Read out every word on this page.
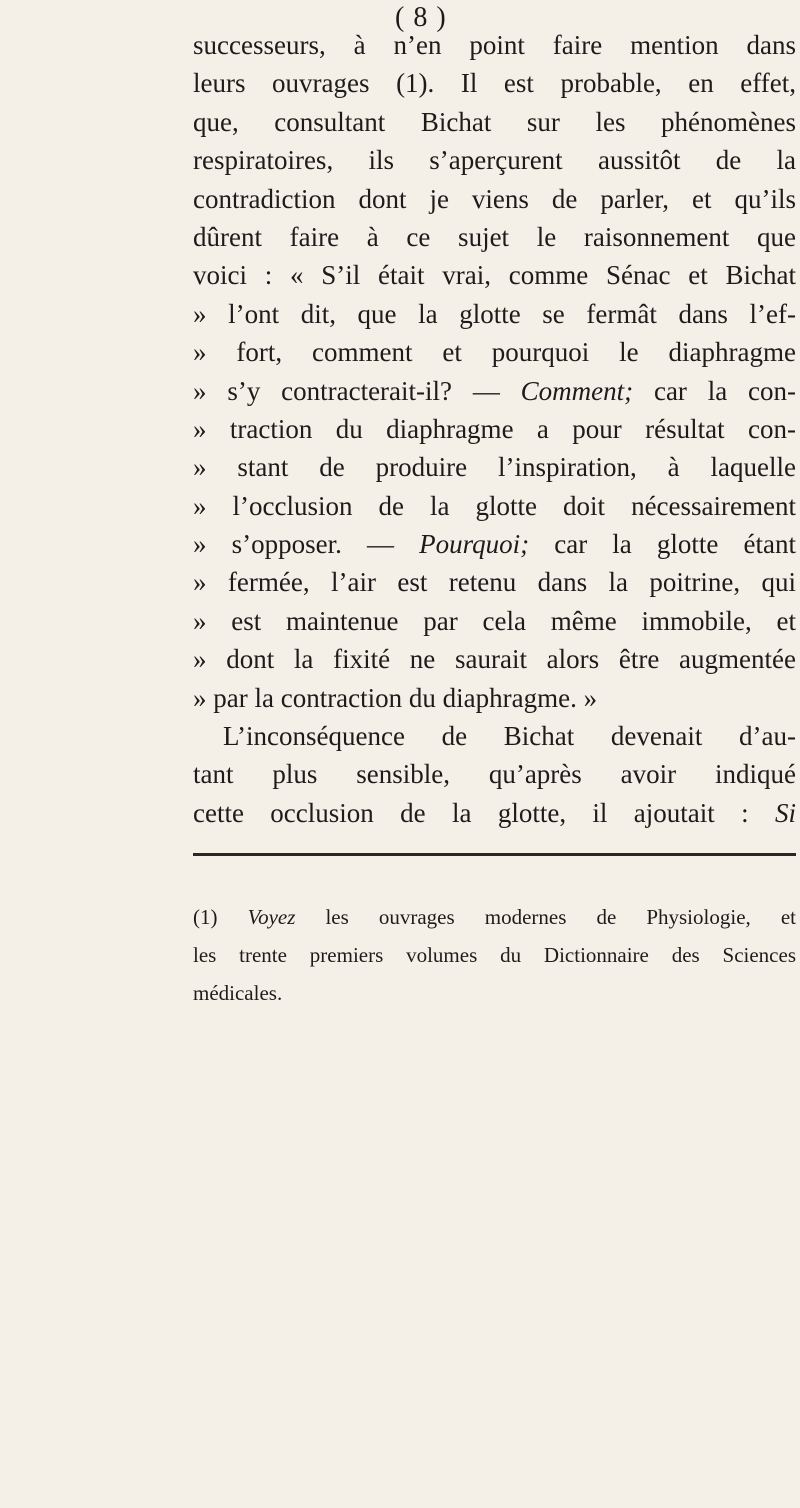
( 8 )
successeurs, à n’en point faire mention dans
leurs ouvrages (1). Il est probable, en effet,
que, consultant Bichat sur les phénomènes
respiratoires, ils s’aperçurent aussitôt de la
contradiction dont je viens de parler, et qu’ils
dûrent faire à ce sujet le raisonnement que
voici : « S’il était vrai, comme Sénac et Bichat
» l’ont dit, que la glotte se fermât dans l’ef-
» fort, comment et pourquoi le diaphragme
» s’y contracterait-il? — Comment; car la con-
» traction du diaphragme a pour résultat con-
» stant de produire l’inspiration, à laquelle
» l’occlusion de la glotte doit nécessairement
» s’opposer. — Pourquoi; car la glotte étant
» fermée, l’air est retenu dans la poitrine, qui
» est maintenue par cela même immobile, et
» dont la fixité ne saurait alors être augmentée
» par la contraction du diaphragme. »
L’inconséquence de Bichat devenait d’au-
tant plus sensible, qu’après avoir indiqué
cette occlusion de la glotte, il ajoutait : Si
(1) Voyez les ouvrages modernes de Physiologie, et
les trente premiers volumes du Dictionnaire des Sciences
médicales.
